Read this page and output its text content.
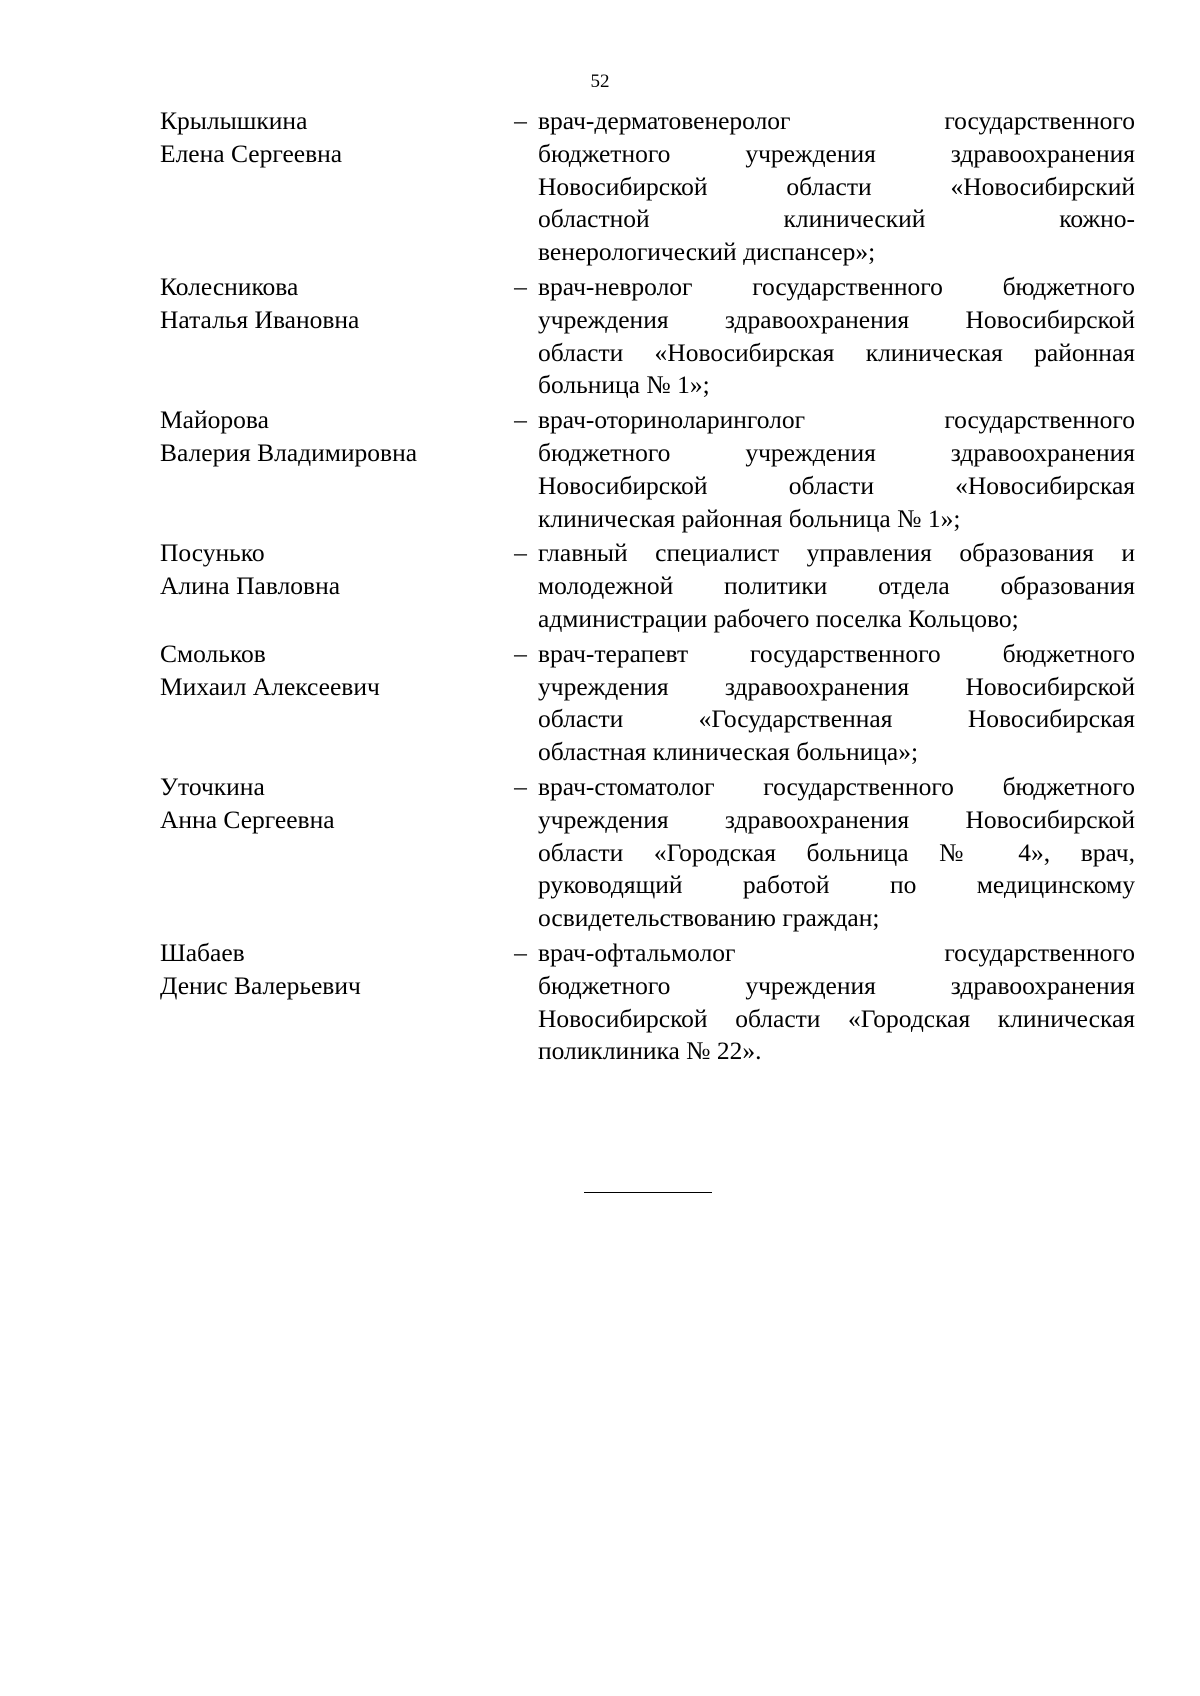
52
Крылышкина
Елена Сергеевна
– врач-дерматовенеролог государственного
бюджетного учреждения здравоохранения
Новосибирской области «Новосибирский
областной клинический кожно-
венерологический диспансер»;
Колесникова
Наталья Ивановна
– врач-невролог государственного бюджетного
учреждения здравоохранения Новосибирской
области «Новосибирская клиническая районная
больница № 1»;
Майорова
Валерия Владимировна
– врач-оториноларинголог государственного
бюджетного учреждения здравоохранения
Новосибирской области «Новосибирская
клиническая районная больница № 1»;
Посунько
Алина Павловна
– главный специалист управления образования и
молодежной политики отдела образования
администрации рабочего поселка Кольцово;
Смольков
Михаил Алексеевич
– врач-терапевт государственного бюджетного
учреждения здравоохранения Новосибирской
области «Государственная Новосибирская
областная клиническая больница»;
Уточкина
Анна Сергеевна
– врач-стоматолог государственного бюджетного
учреждения здравоохранения Новосибирской
области «Городская больница № 4», врач,
руководящий работой по медицинскому
освидетельствованию граждан;
Шабаев
Денис Валерьевич
– врач-офтальмолог государственного
бюджетного учреждения здравоохранения
Новосибирской области «Городская клиническая
поликлиника № 22».
